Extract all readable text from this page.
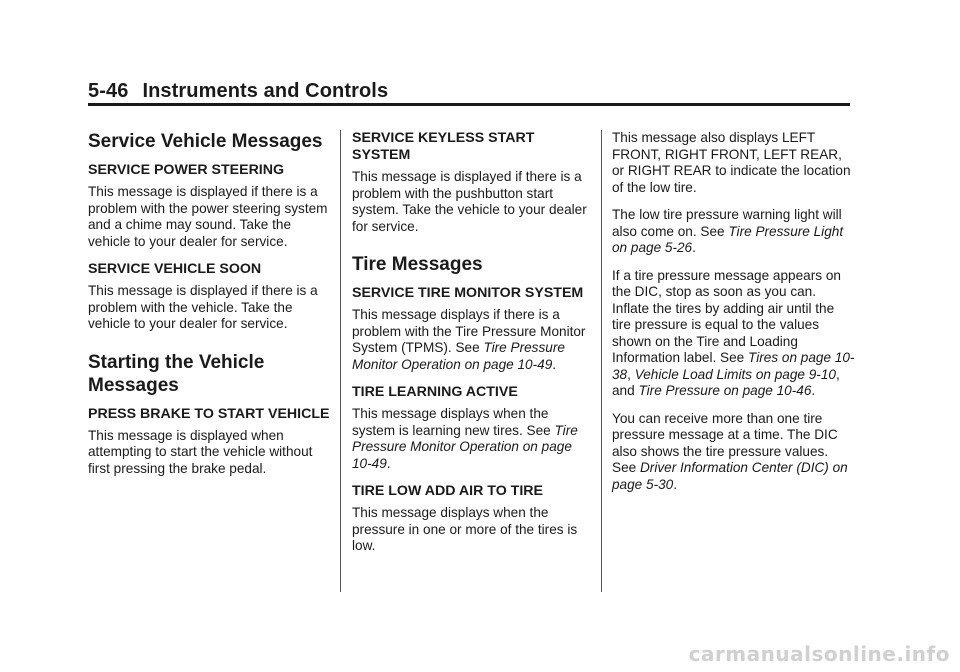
5-46 Instruments and Controls
Service Vehicle Messages
SERVICE POWER STEERING

This message is displayed if there is a problem with the power steering system and a chime may sound. Take the vehicle to your dealer for service.

SERVICE VEHICLE SOON

This message is displayed if there is a problem with the vehicle. Take the vehicle to your dealer for service.

Starting the Vehicle
Messages
PRESS BRAKE TO START VEHICLE

This message is displayed when attempting to start the vehicle without first pressing the brake pedal.

SERVICE KEYLESS START SYSTEM

This message is displayed if there is a problem with the pushbutton start system. Take the vehicle to your dealer for service.

Tire Messages
SERVICE TIRE MONITOR SYSTEM

This message displays if there is a problem with the Tire Pressure Monitor System (TPMS). See Tire Pressure Monitor Operation on page 10-49.

TIRE LEARNING ACTIVE

This message displays when the system is learning new tires. See Tire Pressure Monitor Operation on page 10-49.

TIRE LOW ADD AIR TO TIRE

This message displays when the pressure in one or more of the tires is low.

This message also displays LEFT FRONT, RIGHT FRONT, LEFT REAR, or RIGHT REAR to indicate the location of the low tire.

The low tire pressure warning light will also come on. See Tire Pressure Light on page 5-26.

If a tire pressure message appears on the DIC, stop as soon as you can. Inflate the tires by adding air until the tire pressure is equal to the values shown on the Tire and Loading Information label. See Tires on page 10-38, Vehicle Load Limits on page 9-10, and Tire Pressure on page 10-46.

You can receive more than one tire pressure message at a time. The DIC also shows the tire pressure values. See Driver Information Center (DIC) on page 5-30.

carmanualsonline.info
